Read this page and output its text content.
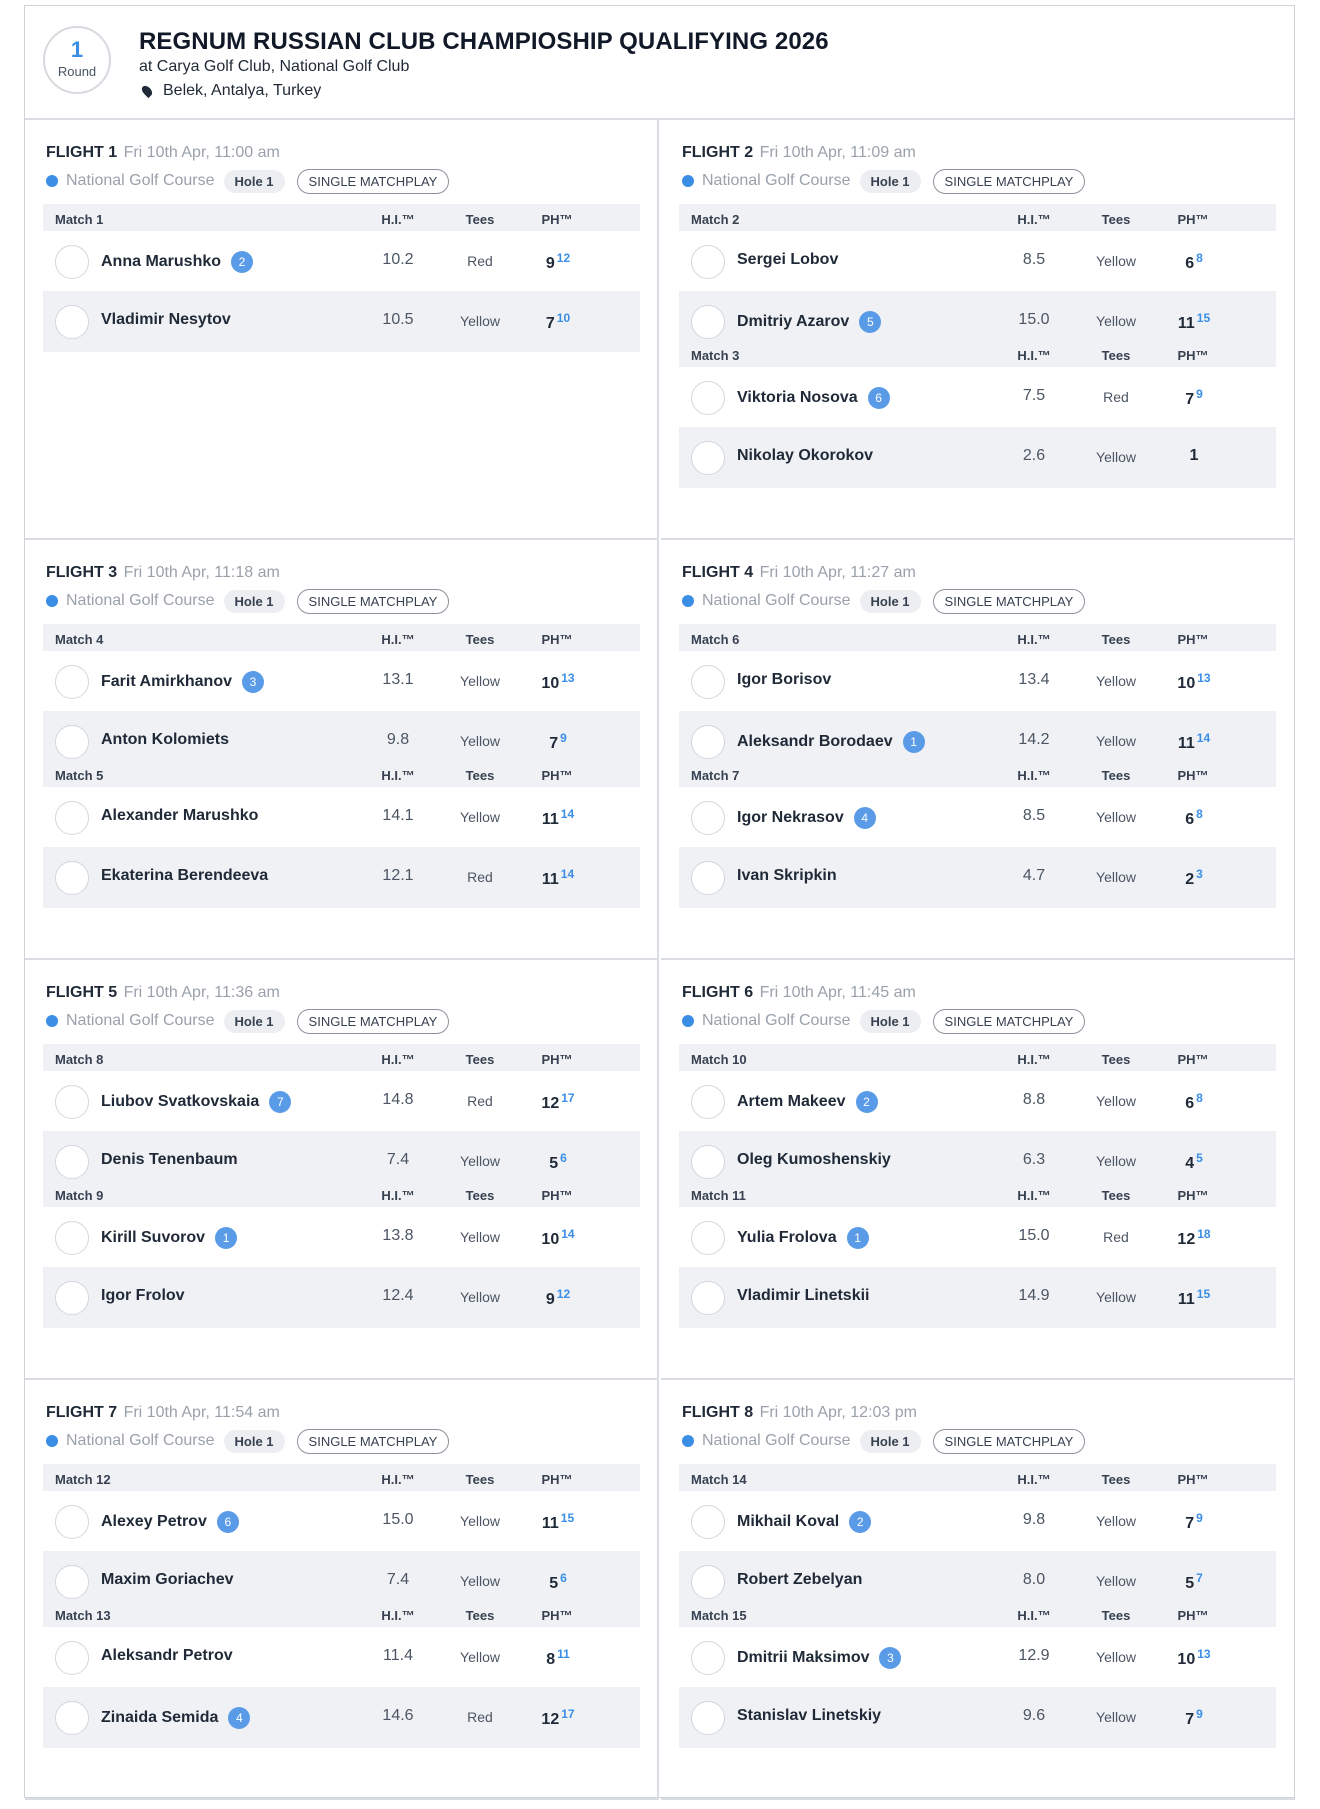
1
Round
REGNUM RUSSIAN CLUB CHAMPIOSHIP QUALIFYING 2026
at Carya Golf Club, National Golf Club
Belek, Antalya, Turkey
FLIGHT 1 Fri 10th Apr, 11:00 am
National Golf Course	Hole 1	SINGLE MATCHPLAY
Match 1	H.I.™	Tees	PH™
Anna Marushko	2	10.2	Red	9 $^{12}$
Vladimir Nesytov	10.5	Yellow	7 $^{10}$
FLIGHT 2 Fri 10th Apr, 11:09 am
National Golf Course	Hole 1	SINGLE MATCHPLAY
Match 2	H.I.™	Tees	PH™
Sergei Lobov	8.5	Yellow	6 $^8$
Dmitriy Azarov	5	15.0	Yellow	11 $^{15}$
Match 3	H.I.™	Tees	PH™
Viktoria Nosova	6	7.5	Red	7 $^9$
Nikolay Okorokov	2.6	Yellow	1
FLIGHT 3 Fri 10th Apr, 11:18 am
National Golf Course	Hole 1	SINGLE MATCHPLAY
Match 4	H.I.™	Tees	PH™
Farit Amirkhanov	3	13.1	Yellow	10 $^{13}$
Anton Kolomiets	9.8	Yellow	7 $^9$
Match 5	H.I.™	Tees	PH™
Alexander Marushko	14.1	Yellow	11 $^{14}$
Ekaterina Berendeeva	12.1	Red	11 $^{14}$
FLIGHT 4 Fri 10th Apr, 11:27 am
National Golf Course	Hole 1	SINGLE MATCHPLAY
Match 6	H.I.™	Tees	PH™
Igor Borisov	13.4	Yellow	10 $^{13}$
Aleksandr Borodaev	1	14.2	Yellow	11 $^{14}$
Match 7	H.I.™	Tees	PH™
Igor Nekrasov	4	8.5	Yellow	6 $^8$
Ivan Skripkin	4.7	Yellow	2 $^3$
FLIGHT 5 Fri 10th Apr, 11:36 am
National Golf Course	Hole 1	SINGLE MATCHPLAY
Match 8	H.I.™	Tees	PH™
Liubov Svatkovskaia	7	14.8	Red	12 $^{17}$
Denis Tenenbaum	7.4	Yellow	5 $^6$
Match 9	H.I.™	Tees	PH™
Kirill Suvorov	1	13.8	Yellow	10 $^{14}$
Igor Frolov	12.4	Yellow	9 $^{12}$
FLIGHT 6 Fri 10th Apr, 11:45 am
National Golf Course	Hole 1	SINGLE MATCHPLAY
Match 10	H.I.™	Tees	PH™
Artem Makeev	2	8.8	Yellow	6 $^8$
Oleg Kumoshenskiy	6.3	Yellow	4 $^5$
Match 11	H.I.™	Tees	PH™
Yulia Frolova	1	15.0	Red	12 $^{18}$
Vladimir Linetskii	14.9	Yellow	11 $^{15}$
FLIGHT 7 Fri 10th Apr, 11:54 am
National Golf Course	Hole 1	SINGLE MATCHPLAY
Match 12	H.I.™	Tees	PH™
Alexey Petrov	6	15.0	Yellow	11 $^{15}$
Maxim Goriachev	7.4	Yellow	5 $^6$
Match 13	H.I.™	Tees	PH™
Aleksandr Petrov	11.4	Yellow	8 $^{11}$
Zinaida Semida	4	14.6	Red	12 $^{17}$
FLIGHT 8 Fri 10th Apr, 12:03 pm
National Golf Course	Hole 1	SINGLE MATCHPLAY
Match 14	H.I.™	Tees	PH™
Mikhail Koval	2	9.8	Yellow	7 $^9$
Robert Zebelyan	8.0	Yellow	5 $^7$
Match 15	H.I.™	Tees	PH™
Dmitrii Maksimov	3	12.9	Yellow	10 $^{13}$
Stanislav Linetskiy	9.6	Yellow	7 $^9$
